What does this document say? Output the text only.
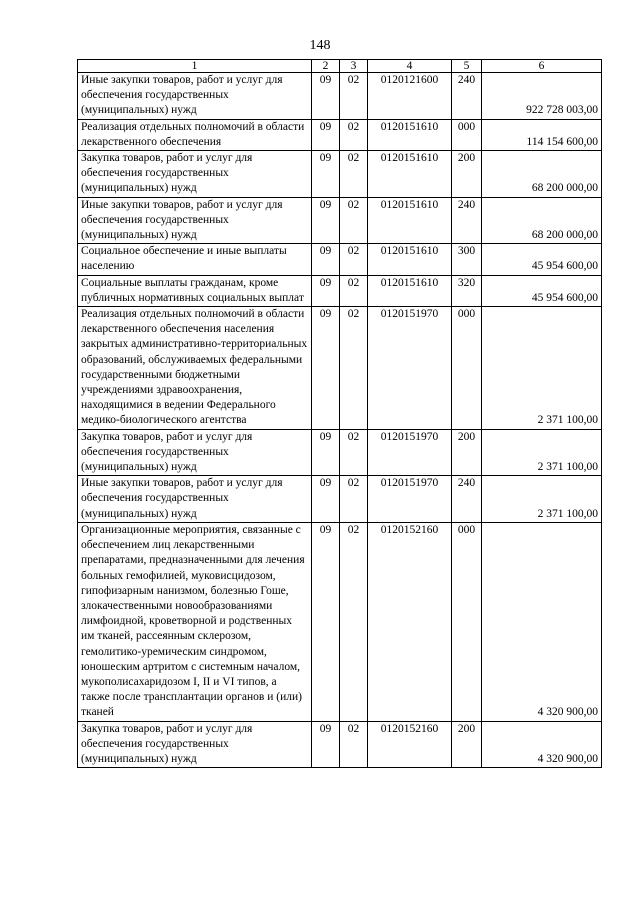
148
1	2	3	4	5	6
Иные закупки товаров, работ и услуг для обеспечения государственных (муниципальных) нужд	09	02	0120121600	240	922 728 003,00
Реализация отдельных полномочий в области лекарственного обеспечения	09	02	0120151610	000	114 154 600,00
Закупка товаров, работ и услуг для обеспечения государственных (муниципальных) нужд	09	02	0120151610	200	68 200 000,00
Иные закупки товаров, работ и услуг для обеспечения государственных (муниципальных) нужд	09	02	0120151610	240	68 200 000,00
Социальное обеспечение и иные выплаты населению	09	02	0120151610	300	45 954 600,00
Социальные выплаты гражданам, кроме публичных нормативных социальных выплат	09	02	0120151610	320	45 954 600,00
Реализация отдельных полномочий в области лекарственного обеспечения населения закрытых административно-территориальных образований, обслуживаемых федеральными государственными бюджетными учреждениями здравоохранения, находящимися в ведении Федерального медико-биологического агентства	09	02	0120151970	000	2 371 100,00
Закупка товаров, работ и услуг для обеспечения государственных (муниципальных) нужд	09	02	0120151970	200	2 371 100,00
Иные закупки товаров, работ и услуг для обеспечения государственных (муниципальных) нужд	09	02	0120151970	240	2 371 100,00
Организационные мероприятия, связанные с обеспечением лиц лекарственными препаратами, предназначенными для лечения больных гемофилией, муковисцидозом, гипофизарным нанизмом, болезнью Гоше, злокачественными новообразованиями лимфоидной, кроветворной и родственных им тканей, рассеянным склерозом, гемолитико-уремическим синдромом, юношеским артритом с системным началом, мукополисахаридозом I, II и VI типов, а также после трансплантации органов и (или) тканей	09	02	0120152160	000	4 320 900,00
Закупка товаров, работ и услуг для обеспечения государственных (муниципальных) нужд	09	02	0120152160	200	4 320 900,00
